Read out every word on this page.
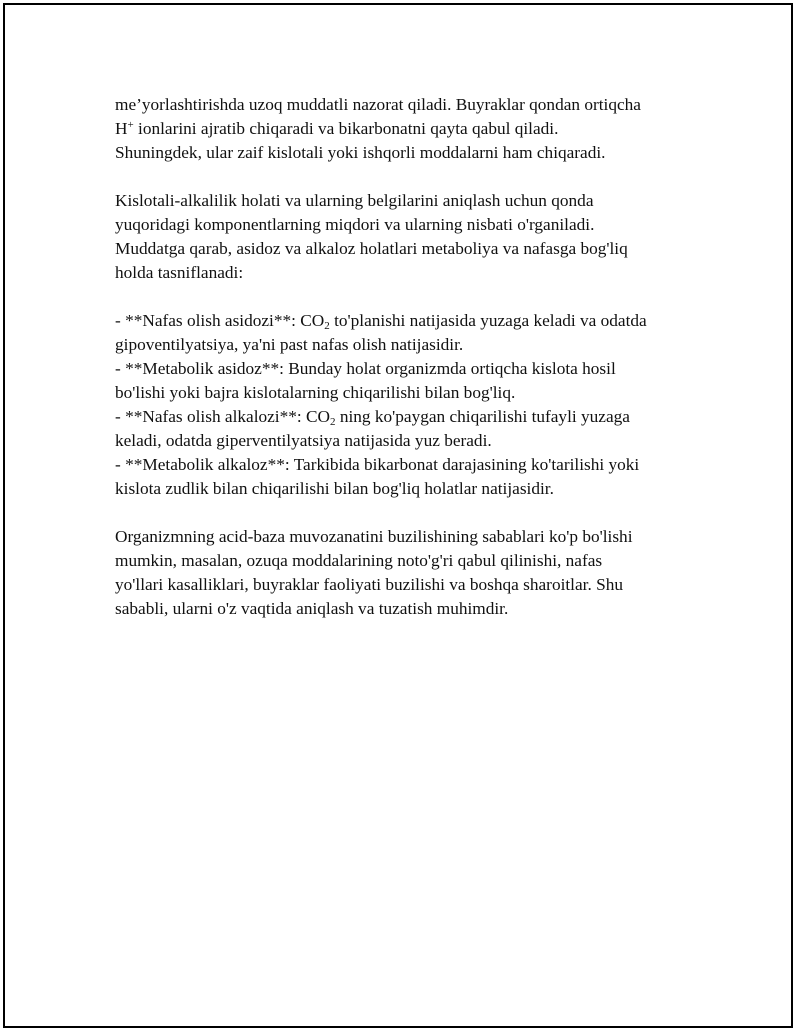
me’yorlashtirishda uzoq muddatli nazorat qiladi. Buyraklar qondan ortiqcha
H+ ionlarini ajratib chiqaradi va bikarbonatni qayta qabul qiladi.
Shuningdek, ular zaif kislotali yoki ishqorli moddalarni ham chiqaradi.

Kislotali-alkalilik holati va ularning belgilarini aniqlash uchun qonda
yuqoridagi komponentlarning miqdori va ularning nisbati o'rganiladi.
Muddatga qarab, asidoz va alkaloz holatlari metaboliya va nafasga bog'liq
holda tasniflanadi:

- **Nafas olish asidozi**: $CO_2$ to'planishi natijasida yuzaga keladi va odatda
gipoventilyatsiya, ya'ni past nafas olish natijasidir.
- **Metabolik asidoz**: Bunday holat organizmda ortiqcha kislota hosil
bo'lishi yoki bajra kislotalarning chiqarilishi bilan bog'liq.
- **Nafas olish alkalozi**: $CO_2$ ning ko'paygan chiqarilishi tufayli yuzaga
keladi, odatda giperventilyatsiya natijasida yuz beradi.
- **Metabolik alkaloz**: Tarkibida bikarbonat darajasining ko'tarilishi yoki
kislota zudlik bilan chiqarilishi bilan bog'liq holatlar natijasidir.

Organizmning acid-baza muvozanatini buzilishining sabablari ko'p bo'lishi
mumkin, masalan, ozuqa moddalarining noto'g'ri qabul qilinishi, nafas
yo'llari kasalliklari, buyraklar faoliyati buzilishi va boshqa sharoitlar. Shu
sababli, ularni o'z vaqtida aniqlash va tuzatish muhimdir.
